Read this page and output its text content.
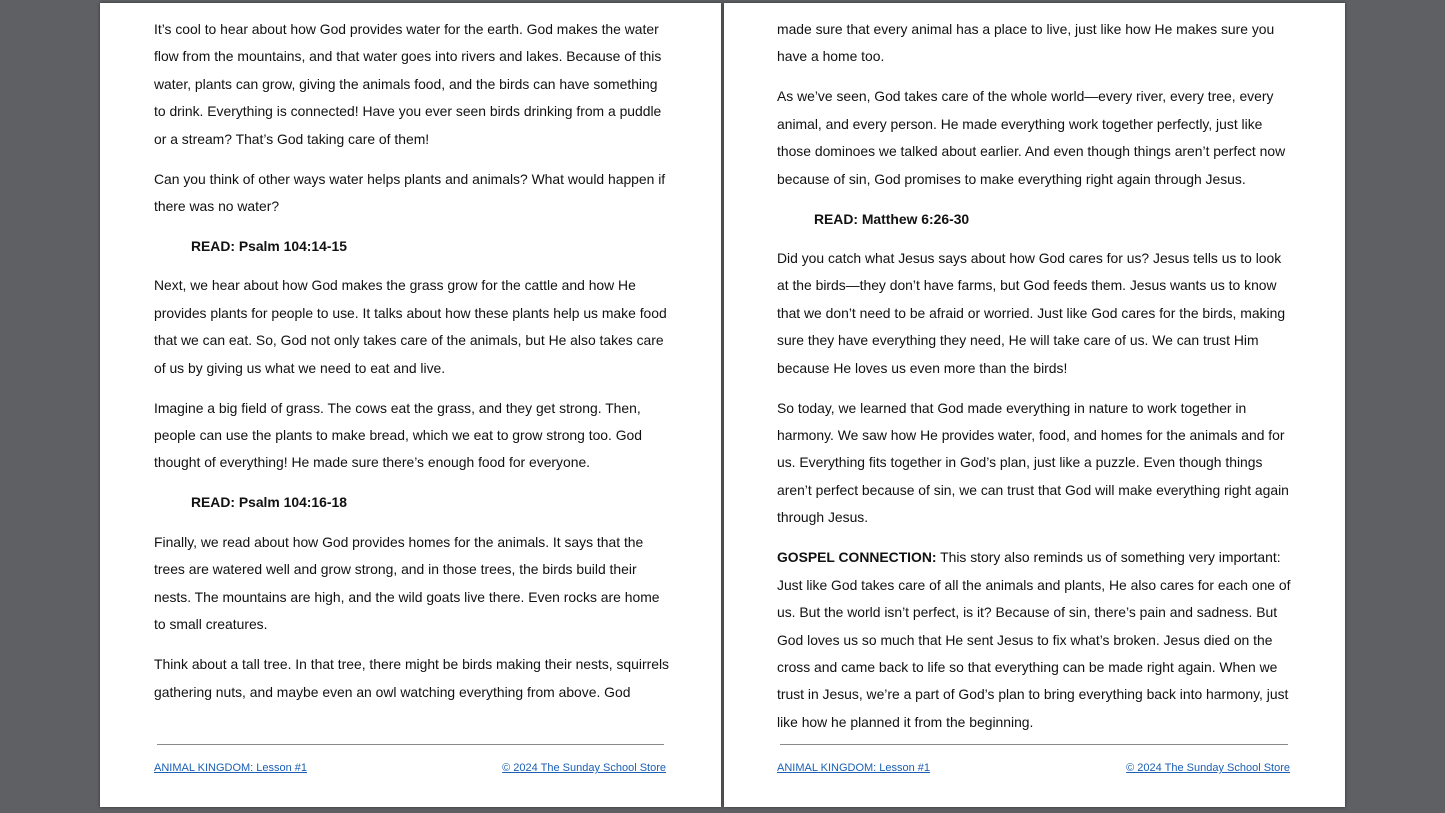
It’s cool to hear about how God provides water for the earth. God makes the water flow from the mountains, and that water goes into rivers and lakes. Because of this water, plants can grow, giving the animals food, and the birds can have something to drink. Everything is connected! Have you ever seen birds drinking from a puddle or a stream? That’s God taking care of them!

Can you think of other ways water helps plants and animals? What would happen if there was no water?

READ: Psalm 104:14-15

Next, we hear about how God makes the grass grow for the cattle and how He provides plants for people to use. It talks about how these plants help us make food that we can eat. So, God not only takes care of the animals, but He also takes care of us by giving us what we need to eat and live.

Imagine a big field of grass. The cows eat the grass, and they get strong. Then, people can use the plants to make bread, which we eat to grow strong too. God thought of everything! He made sure there’s enough food for everyone.

READ: Psalm 104:16-18

Finally, we read about how God provides homes for the animals. It says that the trees are watered well and grow strong, and in those trees, the birds build their nests. The mountains are high, and the wild goats live there. Even rocks are home to small creatures.

Think about a tall tree. In that tree, there might be birds making their nests, squirrels gathering nuts, and maybe even an owl watching everything from above. God

ANIMAL KINGDOM: Lesson #1	© 2024 The Sunday School Store

made sure that every animal has a place to live, just like how He makes sure you have a home too.

As we’ve seen, God takes care of the whole world—every river, every tree, every animal, and every person. He made everything work together perfectly, just like those dominoes we talked about earlier. And even though things aren’t perfect now because of sin, God promises to make everything right again through Jesus.

READ: Matthew 6:26-30

Did you catch what Jesus says about how God cares for us? Jesus tells us to look at the birds—they don’t have farms, but God feeds them. Jesus wants us to know that we don’t need to be afraid or worried. Just like God cares for the birds, making sure they have everything they need, He will take care of us. We can trust Him because He loves us even more than the birds!

So today, we learned that God made everything in nature to work together in harmony. We saw how He provides water, food, and homes for the animals and for us. Everything fits together in God’s plan, just like a puzzle. Even though things aren’t perfect because of sin, we can trust that God will make everything right again through Jesus.

GOSPEL CONNECTION: This story also reminds us of something very important: Just like God takes care of all the animals and plants, He also cares for each one of us. But the world isn’t perfect, is it? Because of sin, there’s pain and sadness. But God loves us so much that He sent Jesus to fix what’s broken. Jesus died on the cross and came back to life so that everything can be made right again. When we trust in Jesus, we’re a part of God’s plan to bring everything back into harmony, just like how he planned it from the beginning.

ANIMAL KINGDOM: Lesson #1	© 2024 The Sunday School Store
